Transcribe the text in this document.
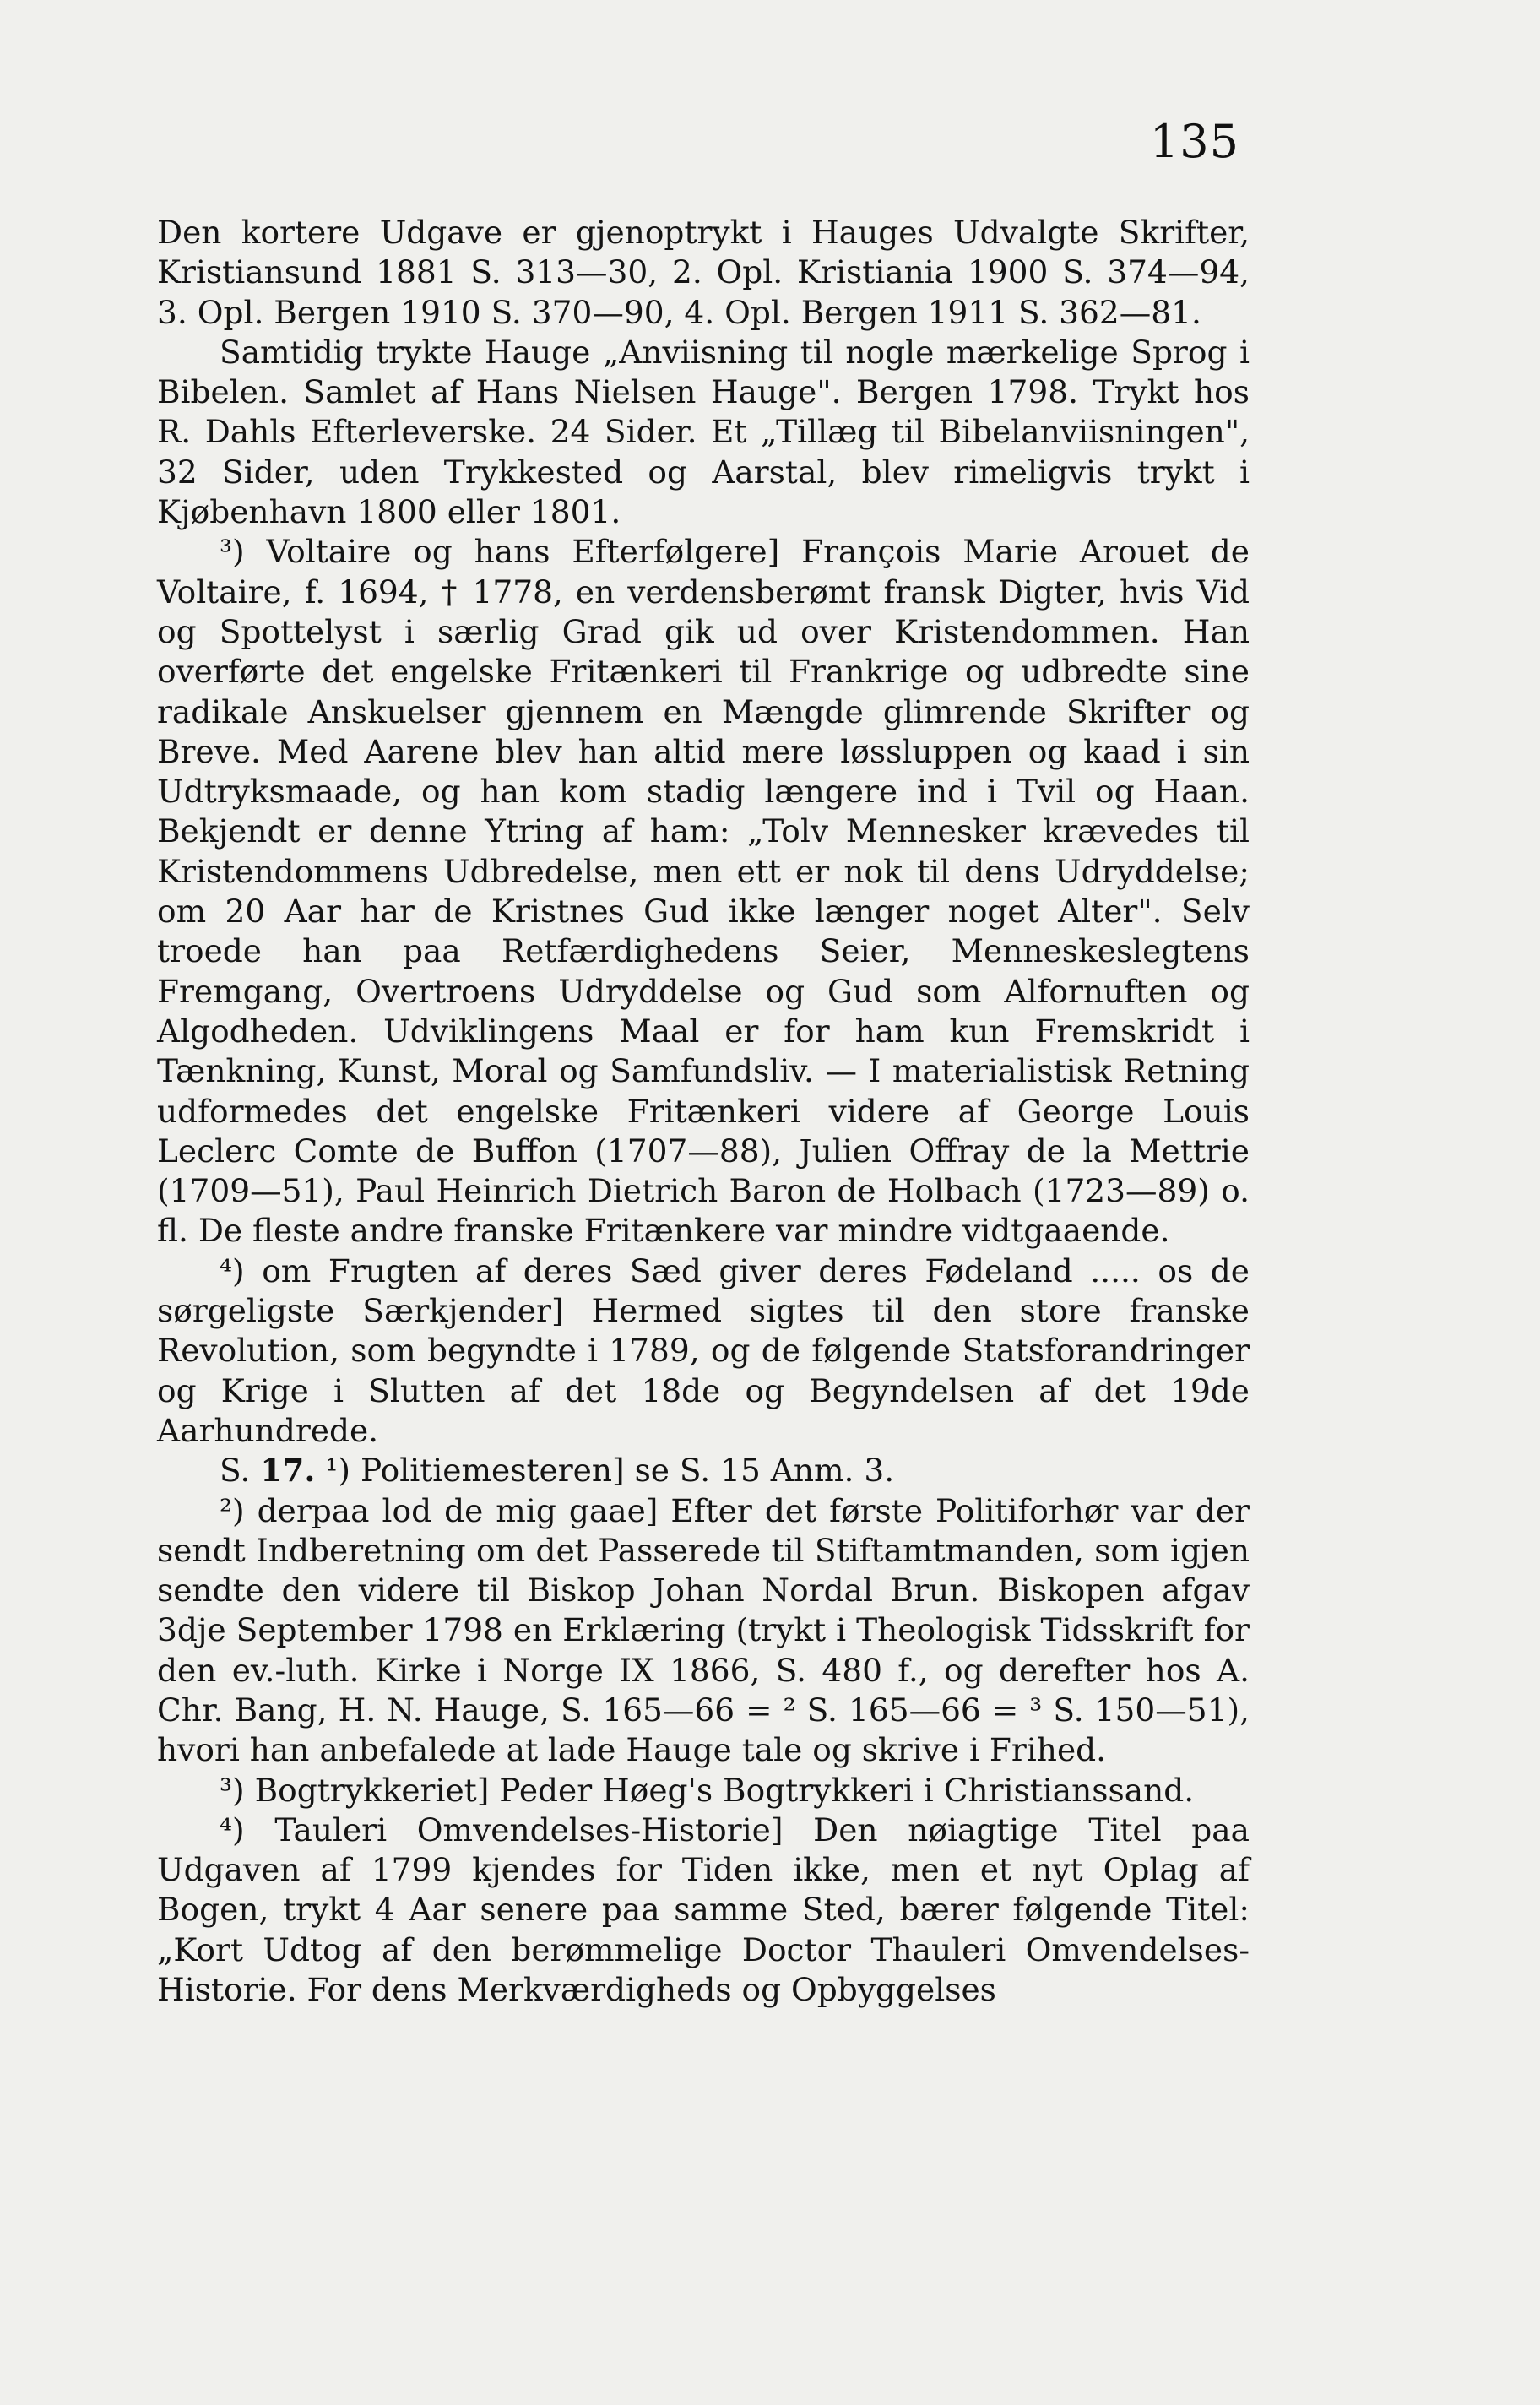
135

Den kortere Udgave er gjenoptrykt i Hauges Udvalgte Skrifter, Kristiansund 1881 S. 313—30, 2. Opl. Kristiania 1900 S. 374—94, 3. Opl. Bergen 1910 S. 370—90, 4. Opl. Bergen 1911 S. 362—81.

Samtidig trykte Hauge „Anviisning til nogle mærkelige Sprog i Bibelen. Samlet af Hans Nielsen Hauge". Bergen 1798. Trykt hos R. Dahls Efterleverske. 24 Sider. Et „Tillæg til Bibelanviisningen", 32 Sider, uden Trykkested og Aarstal, blev rimeligvis trykt i Kjøbenhavn 1800 eller 1801.

³) Voltaire og hans Efterfølgere] François Marie Arouet de Voltaire, f. 1694, † 1778, en verdensberømt fransk Digter, hvis Vid og Spottelyst i særlig Grad gik ud over Kristendommen. Han overførte det engelske Fritænkeri til Frankrige og udbredte sine radikale Anskuelser gjennem en Mængde glimrende Skrifter og Breve. Med Aarene blev han altid mere løssluppen og kaad i sin Udtryksmaade, og han kom stadig længere ind i Tvil og Haan. Bekjendt er denne Ytring af ham: „Tolv Mennesker krævedes til Kristendommens Udbredelse, men ett er nok til dens Udryddelse; om 20 Aar har de Kristnes Gud ikke længer noget Alter". Selv troede han paa Retfærdighedens Seier, Menneskeslegtens Fremgang, Overtroens Udryddelse og Gud som Alfornuften og Algodheden. Udviklingens Maal er for ham kun Fremskridt i Tænkning, Kunst, Moral og Samfundsliv. — I materialistisk Retning udformedes det engelske Fritænkeri videre af George Louis Leclerc Comte de Buffon (1707—88), Julien Offray de la Mettrie (1709—51), Paul Heinrich Dietrich Baron de Holbach (1723—89) o. fl. De fleste andre franske Fritænkere var mindre vidtgaaende.

⁴) om Frugten af deres Sæd giver deres Fødeland ..... os de sørgeligste Særkjender] Hermed sigtes til den store franske Revolution, som begyndte i 1789, og de følgende Statsforandringer og Krige i Slutten af det 18de og Begyndelsen af det 19de Aarhundrede.

S. 17. ¹) Politiemesteren] se S. 15 Anm. 3.

²) derpaa lod de mig gaae] Efter det første Politiforhør var der sendt Indberetning om det Passerede til Stiftamtmanden, som igjen sendte den videre til Biskop Johan Nordal Brun. Biskopen afgav 3dje September 1798 en Erklæring (trykt i Theologisk Tidsskrift for den ev.-luth. Kirke i Norge IX 1866, S. 480 f., og derefter hos A. Chr. Bang, H. N. Hauge, S. 165—66 = ² S. 165—66 = ³ S. 150—51), hvori han anbefalede at lade Hauge tale og skrive i Frihed.

³) Bogtrykkeriet] Peder Høeg's Bogtrykkeri i Christianssand.

⁴) Tauleri Omvendelses-Historie] Den nøiagtige Titel paa Udgaven af 1799 kjendes for Tiden ikke, men et nyt Oplag af Bogen, trykt 4 Aar senere paa samme Sted, bærer følgende Titel: „Kort Udtog af den berømmelige Doctor Thauleri Omvendelses-Historie. For dens Merkværdigheds og Opbyggelses
